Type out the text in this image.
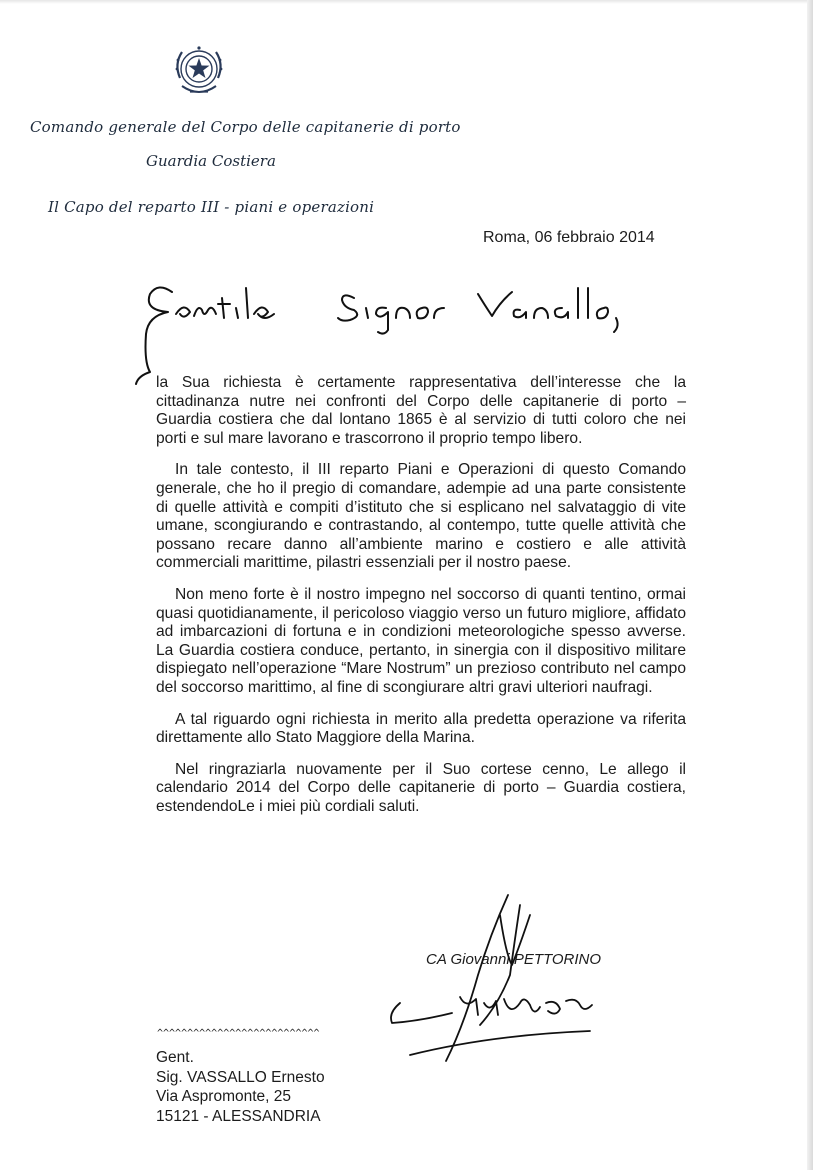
Comando generale del Corpo delle capitanerie di porto
Guardia Costiera
Il Capo del reparto III - piani e operazioni
Roma, 06 febbraio 2014

la Sua richiesta è certamente rappresentativa dell’interesse che la cittadinanza nutre nei confronti del Corpo delle capitanerie di porto – Guardia costiera che dal lontano 1865 è al servizio di tutti coloro che nei porti e sul mare lavorano e trascorrono il proprio tempo libero.

In tale contesto, il III reparto Piani e Operazioni di questo Comando generale, che ho il pregio di comandare, adempie ad una parte consistente di quelle attività e compiti d’istituto che si esplicano nel salvataggio di vite umane, scongiurando e contrastando, al contempo, tutte quelle attività che possano recare danno all’ambiente marino e costiero e alle attività commerciali marittime, pilastri essenziali per il nostro paese.

Non meno forte è il nostro impegno nel soccorso di quanti tentino, ormai quasi quotidianamente, il pericoloso viaggio verso un futuro migliore, affidato ad imbarcazioni di fortuna e in condizioni meteorologiche spesso avverse. La Guardia costiera conduce, pertanto, in sinergia con il dispositivo militare dispiegato nell’operazione “Mare Nostrum” un prezioso contributo nel campo del soccorso marittimo, al fine di scongiurare altri gravi ulteriori naufragi.

A tal riguardo ogni richiesta in merito alla predetta operazione va riferita direttamente allo Stato Maggiore della Marina.

Nel ringraziarla nuovamente per il Suo cortese cenno, Le allego il calendario 2014 del Corpo delle capitanerie di porto – Guardia costiera, estendendoLe i miei più cordiali saluti.

CA Giovanni PETTORINO
^^^^^^^^^^^^^^^^^^^^^^^^^^^
Gent.
Sig. VASSALLO Ernesto
Via Aspromonte, 25
15121 - ALESSANDRIA
